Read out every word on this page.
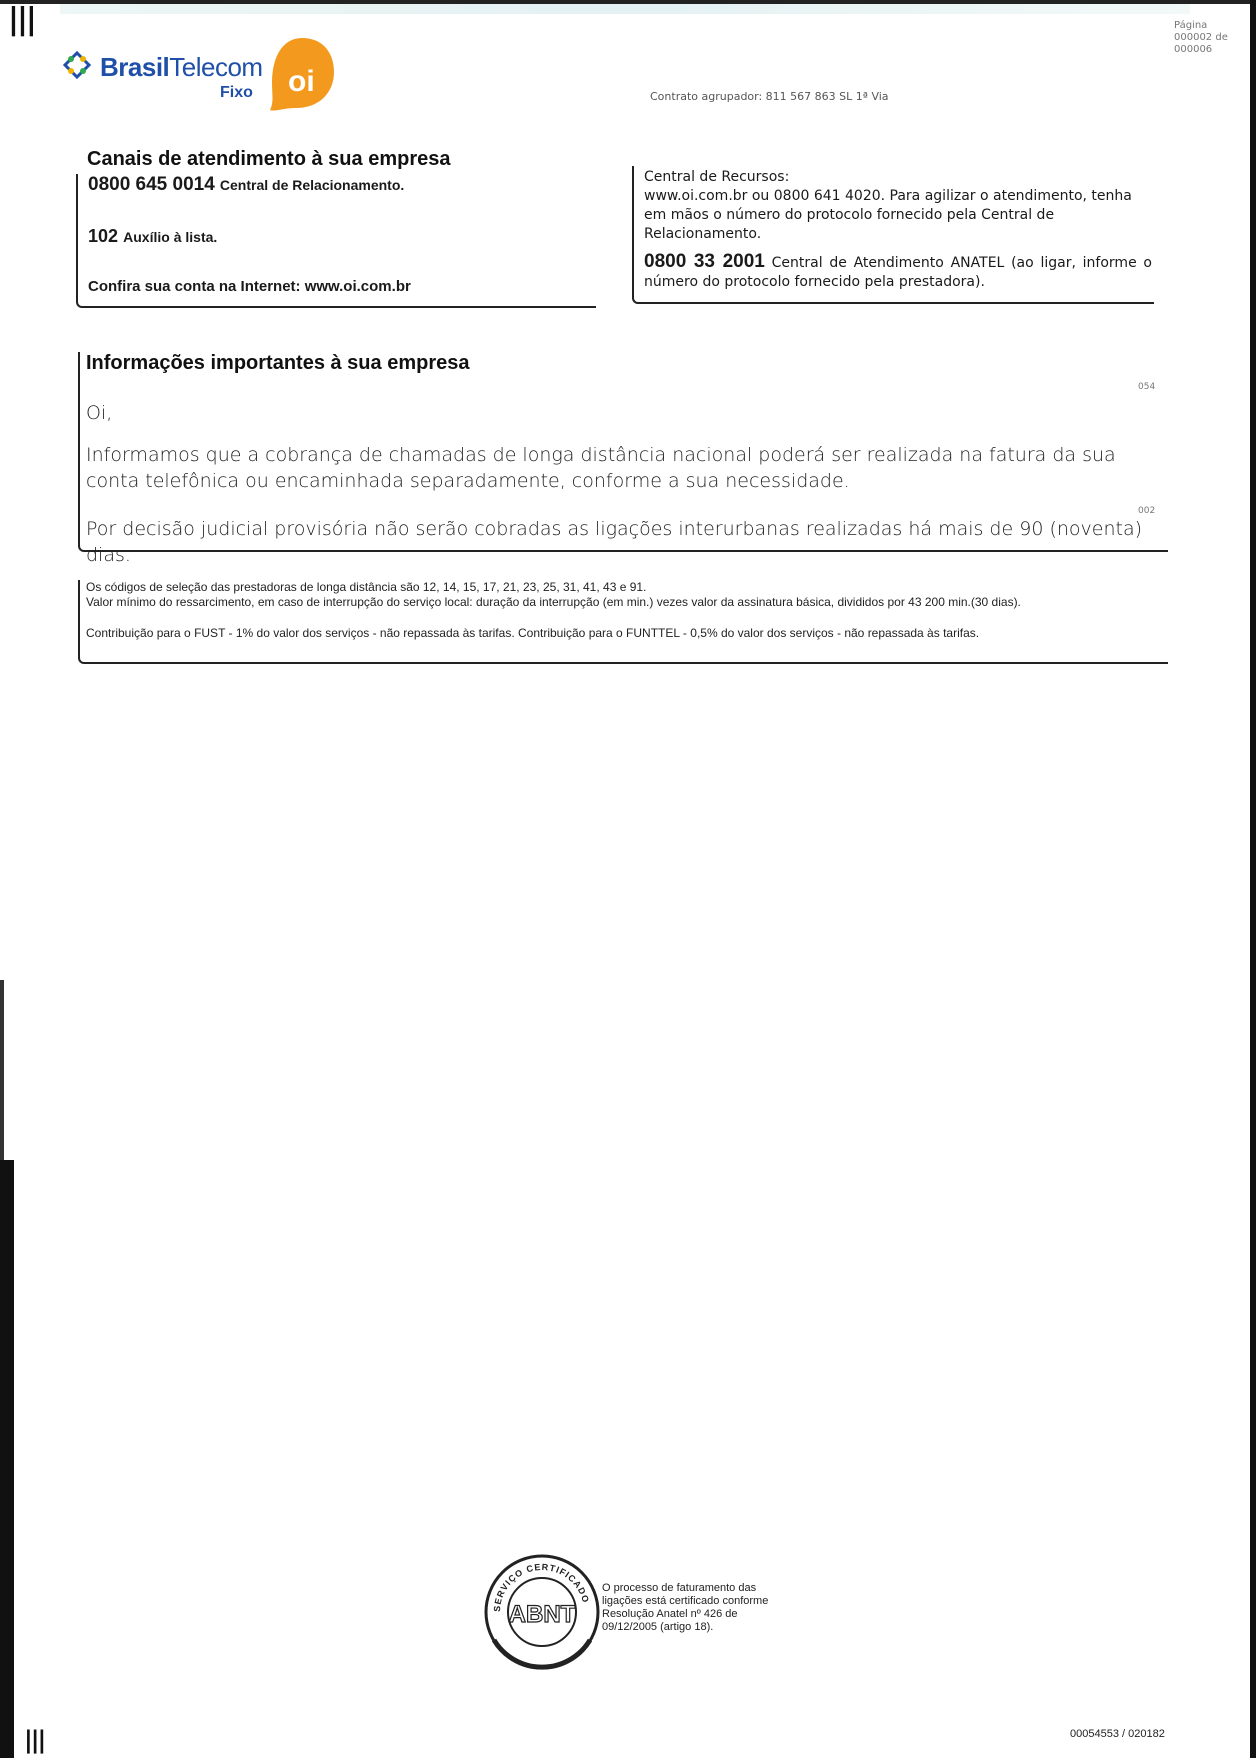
|||
|||
BrasilTelecom
Fixo oi	Contrato agrupador: 811 567 863 SL 1ª Via
Página
000002 de
000006
Canais de atendimento à sua empresa
0800 645 0014 Central de Relacionamento.
102 Auxílio à lista.
Confira sua conta na Internet: www.oi.com.br
Central de Recursos:
www.oi.com.br ou 0800 641 4020. Para agilizar o atendimento, tenha em mãos o número do protocolo fornecido pela Central de Relacionamento.
0800 33 2001 Central de Atendimento ANATEL (ao ligar, informe o número do protocolo fornecido pela prestadora).
Informações importantes à sua empresa
054
Oi,
Informamos que a cobrança de chamadas de longa distância nacional poderá ser realizada na fatura da sua conta telefônica ou encaminhada separadamente, conforme a sua necessidade.
002
Por decisão judicial provisória não serão cobradas as ligações interurbanas realizadas há mais de 90 (noventa) dias.
Os códigos de seleção das prestadoras de longa distância são 12, 14, 15, 17, 21, 23, 25, 31, 41, 43 e 91.
Valor mínimo do ressarcimento, em caso de interrupção do serviço local: duração da interrupção (em min.) vezes valor da assinatura básica, divididos por 43 200 min.(30 dias).
Contribuição para o FUST - 1% do valor dos serviços - não repassada às tarifas. Contribuição para o FUNTTEL - 0,5% do valor dos serviços - não repassada às tarifas.
SERVIÇO CERTIFICADO
ABNT
O processo de faturamento das ligações está certificado conforme Resolução Anatel nº 426 de 09/12/2005 (artigo 18).
00054553 / 020182
